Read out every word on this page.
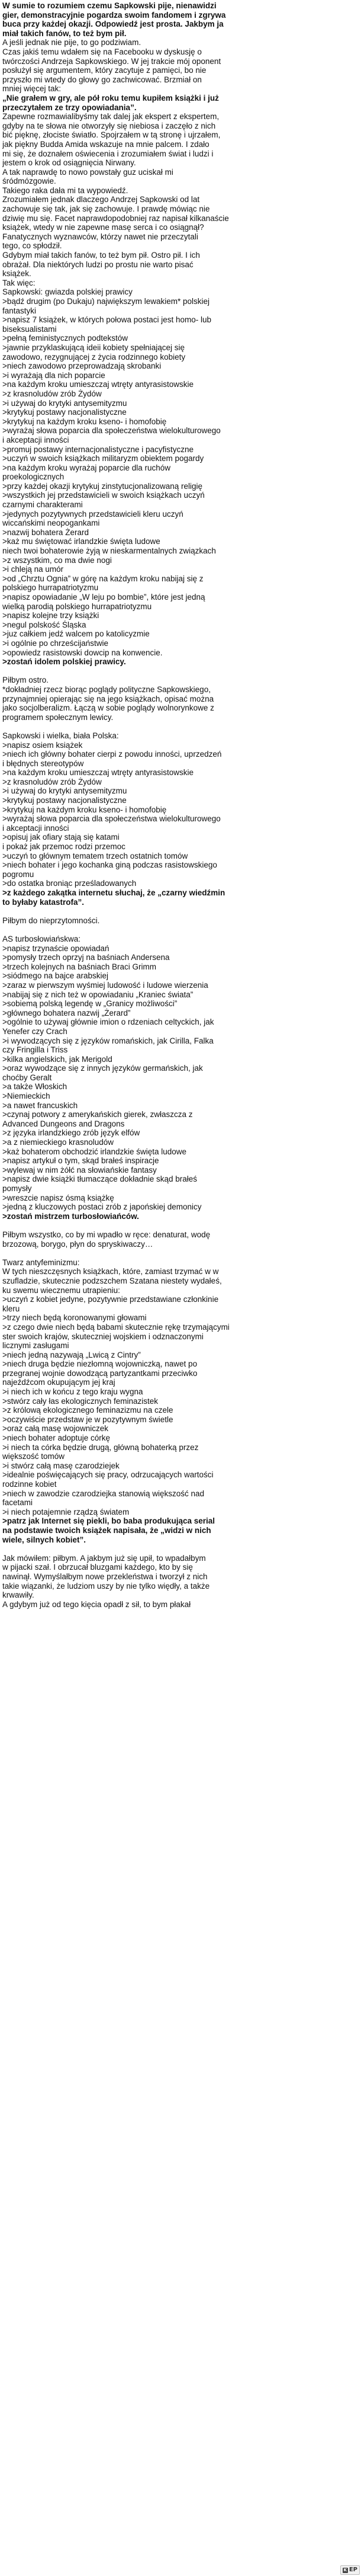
W sumie to rozumiem czemu Sapkowski pije, nienawidzi
gier, demonstracyjnie pogardza swoim fandomem i zgrywa
buca przy każdej okazji. Odpowiedź jest prosta. Jakbym ja
miał takich fanów, to też bym pił.
A jeśli jednak nie pije, to go podziwiam.
Czas jakiś temu wdałem się na Facebooku w dyskusję o
twórczości Andrzeja Sapkowskiego. W jej trakcie mój oponent
posłużył się argumentem, który zacytuje z pamięci, bo nie
przyszło mi wtedy do głowy go zachwicować. Brzmiał on
mniej więcej tak:
„Nie grałem w gry, ale pół roku temu kupiłem książki i już
przeczytałem ze trzy opowiadania”.
Zapewne rozmawialibyśmy tak dalej jak ekspert z ekspertem,
gdyby na te słowa nie otworzyły się niebiosa i zaczęło z nich
bić pięknę, złociste światło. Spojrzałem w tą stronę i ujrzałem,
jak piękny Budda Amida wskazuje na mnie palcem. I zdało
mi się, że doznałem oświecenia i zrozumiałem świat i ludzi i
jestem o krok od osiągnięcia Nirwany.
A tak naprawdę to nowo powstały guz uciskał mi
śródmózgowie.
Takiego raka dała mi ta wypowiedź.
Zrozumiałem jednak dlaczego Andrzej Sapkowski od lat
zachowuje się tak, jak się zachowuje. I prawdę mówiąc nie
dziwię mu się. Facet naprawdopodobniej raz napisał kilkanaście
książek, wtedy w nie zapewne masę serca i co osiągnął?
Fanatycznych wyznawców, którzy nawet nie przeczytali
tego, co spłodził.
Gdybym miał takich fanów, to też bym pił. Ostro pił. I ich
obrażał. Dla niektórych ludzi po prostu nie warto pisać
książek.
Tak więc:
Sapkowski: gwiazda polskiej prawicy
>bądź drugim (po Dukaju) największym lewakiem* polskiej
fantastyki
>napisz 7 książek, w których połowa postaci jest homo- lub
biseksualistami
>pełną feministycznych podtekstów
>jawnie przyklaskującą ideii kobiety spełniającej się
zawodowo, rezygnującej z życia rodzinnego kobiety
>niech zawodowo przeprowadzają skrobanki
>i wyrażają dla nich poparcie
>na każdym kroku umieszczaj wtręty antyrasistowskie
>z krasnoludów zrób Żydów
>i używaj do krytyki antysemityzmu
>krytykuj postawy nacjonalistyczne
>krytykuj na każdym kroku kseno- i homofobię
>wyrażaj słowa poparcia dla społeczeństwa wielokulturowego
i akceptacji inności
>promuj postawy internacjonalistyczne i pacyfistyczne
>uczyń w swoich książkach militaryzm obiektem pogardy
>na każdym kroku wyrażaj poparcie dla ruchów
proekologicznych
>przy każdej okazji krytykuj zinstytucjonalizowaną religię
>wszystkich jej przedstawicieli w swoich książkach uczyń
czarnymi charakterami
>jedynych pozytywnych przedstawicieli kleru uczyń
wiccańskimi neopogankami
>nazwij bohatera Żerard
>każ mu świętować irlandzkie święta ludowe
niech twoi bohaterowie żyją w nieskarmentalnych związkach
>z wszystkim, co ma dwie nogi
>i chleją na umór
>od „Chrztu Ognia” w górę na każdym kroku nabijaj się z
polskiego hurrapatriotyzmu
>napisz opowiadanie „W leju po bombie”, które jest jedną
wielką parodią polskiego hurrapatriotyzmu
>napisz kolejne trzy książki
>negul polskość Śląska
>juz całkiem jedź walcem po katolicyzmie
>i ogólnie po chrześcijaństwie
>opowiedz rasistowski dowcip na konwencie.
>zostań idolem polskiej prawicy.
Piłbym ostro.
*dokładniej rzecz biorąc poglądy polityczne Sapkowskiego,
przynajmniej opierając się na jego książkach, opisać można
jako socjolberalizm. Łączą w sobie poglądy wolnorynkowe z
programem społecznym lewicy.
Sapkowski i wielka, biała Polska:
>napisz osiem książek
>niech ich główny bohater cierpi z powodu inności, uprzedzeń
i błędnych stereotypów
>na każdym kroku umieszczaj wtręty antyrasistowskie
>z krasnoludów zrób Żydów
>i używaj do krytyki antysemityzmu
>krytykuj postawy nacjonalistyczne
>krytykuj na każdym kroku kseno- i homofobię
>wyrażaj słowa poparcia dla społeczeństwa wielokulturowego
i akceptacji inności
>opisuj jak ofiary stają się katami
i pokaż jak przemoc rodzi przemoc
>uczyń to głównym tematem trzech ostatnich tomów
>niech bohater i jego kochanka giną podczas rasistowskiego
pogromu
>do ostatka broniąc prześladowanych
>z każdego zakątka internetu słuchaj, że „czarny wiedźmin
to byłaby katastrofa”.
Piłbym do nieprzytomności.
AS turbosłowiańskwa:
>napisz trzynaście opowiadań
>pomysły trzech oprzyj na baśniach Andersena
>trzech kolejnych na baśniach Braci Grimm
>siódmego na bajce arabskiej
>zaraz w pierwszym wyśmiej ludowość i ludowe wierzenia
>nabijaj się z nich też w opowiadaniu „Kraniec świata”
>sobiemą polską legendę w „Granicy możliwości”
>głównego bohatera nazwij „Żerard”
>ogólnie to używaj głównie imion o rdzeniach celtyckich, jak
Yenefer czy Crach
>i wywodzących się z języków romańskich, jak Cirilla, Falka
czy Fringilla i Triss
>kilka angielskich, jak Merigold
>oraz wywodzące się z innych języków germańskich, jak
choćby Geralt
>a także Włoskich
>Niemieckich
>a nawet francuskich
>czynaj potwory z amerykańskich gierek, zwłaszcza z
Advanced Dungeons and Dragons
>z języka irlandzkiego zrób język elfów
>a z niemieckiego krasnoludów
>każ bohaterom obchodzić irlandzkie święta ludowe
>napisz artykuł o tym, skąd brałeś inspiracje
>wylewaj w nim żółć na słowiańskie fantasy
>napisz dwie książki tłumaczące dokładnie skąd brałeś
pomysły
>wreszcie napisz ósmą książkę
>jedną z kluczowych postaci zrób z japońskiej demonicy
>zostań mistrzem turbosłowiańców.
Piłbym wszystko, co by mi wpadło w ręce: denaturat, wodę
brzozową, borygo, płyn do spryskiwaczy…
Twarz antyfeminizmu:
W tych nieszczęsnych książkach, które, zamiast trzymać w w
szufladzie, skutecznie podzszchem Szatana niestety wydałeś,
ku swemu wiecznemu utrapieniu:
>uczyń z kobiet jedyne, pozytywnie przedstawiane członkinie
kleru
>trzy niech będą koronowanymi głowami
>z czego dwie niech będą babami skutecznie rękę trzymającymi
ster swoich krajów, skuteczniej wojskiem i odznaczonymi
licznymi zasługami
>niech jedną nazywają „Lwicą z Cintry”
>niech druga będzie niezłomną wojowniczką, nawet po
przegranej wojnie dowodzącą partyzantkami przeciwko
najeźdźcom okupującym jej kraj
>i niech ich w końcu z tego kraju wygna
>stwórz cały łas ekologicznych feminazistek
>z królową ekologicznego feminazizmu na czele
>oczywiście przedstaw je w pozytywnym świetle
>oraz całą masę wojowniczek
>niech bohater adoptuje córkę
>i niech ta córka będzie drugą, główną bohaterką przez
większość tomów
>i stwórz całą masę czarodziejek
>idealnie poświęcających się pracy, odrzucających wartości
rodzinne kobiet
>niech w zawodzie czarodziejka stanowią większość nad
facetami
>i niech potajemnie rządzą światem
>patrz jak Internet się piekli, bo baba produkująca serial
na podstawie twoich książek napisała, że „widzi w nich
wiele, silnych kobiet”.
Jak mówiłem: piłbym. A jakbym już się upił, to wpadałbym
w pijacki szał. I obrzucał bluzgami każdego, kto by się
nawinął. Wymyślałbym nowe przekleństwa i tworzył z nich
takie wiązanki, że ludziom uszy by nie tylko więdły, a także
krwawiły.
A gdybym już od tego kięcia opadł z sił, to bym płakał
K EP
